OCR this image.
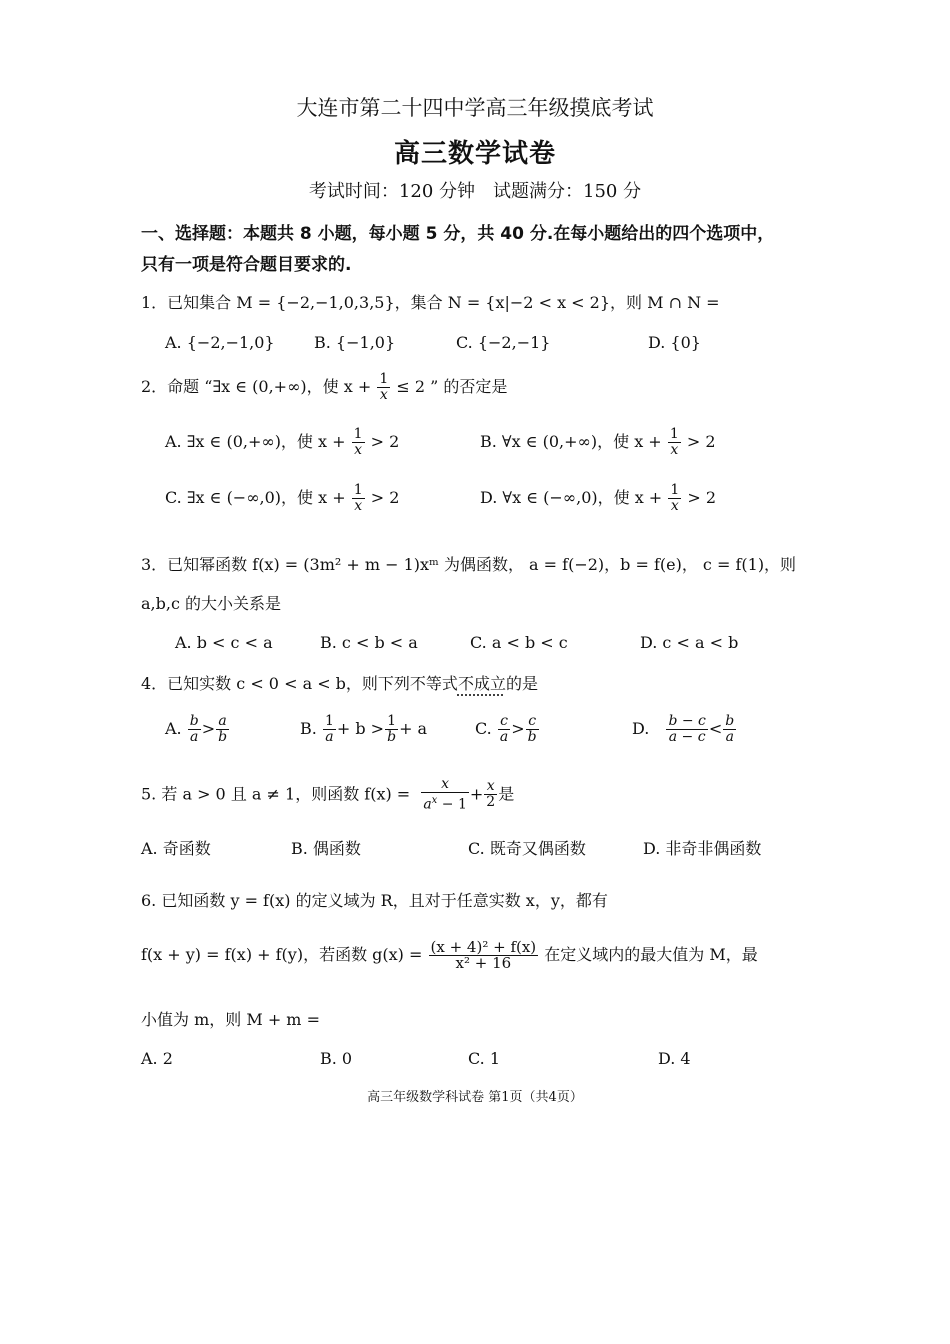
大连市第二十四中学高三年级摸底考试
高三数学试卷
考试时间：120 分钟　试题满分：150 分
一、选择题：本题共 8 小题，每小题 5 分，共 40 分.在每小题给出的四个选项中，
只有一项是符合题目要求的.
1．已知集合 M = {−2,−1,0,3,5}，集合 N = {x|−2 < x < 2}，则 M ∩ N =
A. {−2,−1,0} B. {−1,0}	C. {−2,−1}	D. {0}
2．命题 “∃x ∈ (0,+∞)，使 $x + \frac{1}{x} \le 2$ ” 的否定是
A. ∃x ∈ (0,+∞)，使 $x + \frac{1}{x} > 2$	B. ∀x ∈ (0,+∞)，使 $x + \frac{1}{x} > 2$
C. ∃x ∈ (−∞,0)，使 $x + \frac{1}{x} > 2$	D. ∀x ∈ (−∞,0)，使 $x + \frac{1}{x} > 2$
3．已知幂函数 f(x) = (3m² + m − 1)xᵐ 为偶函数， a = f(−2)，b = f(e)， c = f(1)，则
a,b,c 的大小关系是
A. b < c < a	B. c < b < a	C. a < b < c	D. c < a < b
4．已知实数 c < 0 < a < b，则下列不等式不成立的是
A. $\frac{b}{a} > \frac{a}{b}$	B. $\frac{1}{a} + b > \frac{1}{b} + a$	C. $\frac{c}{a} > \frac{c}{b}$	D. $\frac{b - c}{a - c} < \frac{b}{a}$
5. 若 a > 0 且 a ≠ 1，则函数 $f(x) = \frac{x}{a^x - 1} + \frac{x}{2}$ 是
A. 奇函数	B. 偶函数	C. 既奇又偶函数	D. 非奇非偶函数
6. 已知函数 y = f(x) 的定义域为 R，且对于任意实数 x，y，都有
f(x + y) = f(x) + f(y)，若函数 $g(x) = \frac{\text{(x + 4)² + f(x)}}{\text{x² + 16}}$ 在定义域内的最大值为 M，最
小值为 m，则 M + m =
A. 2	B. 0	C. 1	D. 4
高三年级数学科试卷 第1页（共4页）
